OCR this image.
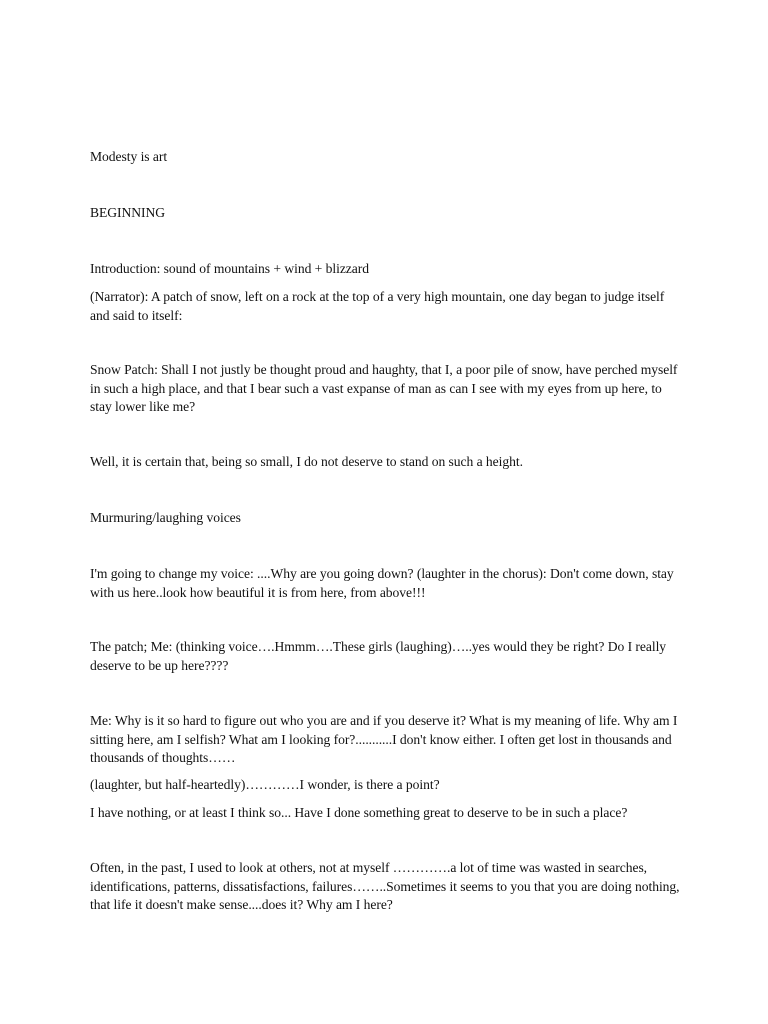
Modesty is art

BEGINNING

Introduction: sound of mountains + wind + blizzard

(Narrator): A patch of snow, left on a rock at the top of a very high mountain, one day began to judge itself and said to itself:

Snow Patch: Shall I not justly be thought proud and haughty, that I, a poor pile of snow, have perched myself in such a high place, and that I bear such a vast expanse of man as can I see with my eyes from up here, to stay lower like me?

Well, it is certain that, being so small, I do not deserve to stand on such a height.

Murmuring/laughing voices

I'm going to change my voice: ....Why are you going down? (laughter in the chorus): Don't come down, stay with us here..look how beautiful it is from here, from above!!!

The patch; Me: (thinking voice….Hmmm….These girls (laughing)…..yes would they be right? Do I really deserve to be up here????

Me: Why is it so hard to figure out who you are and if you deserve it? What is my meaning of life. Why am I sitting here, am I selfish? What am I looking for?...........I don't know either. I often get lost in thousands and thousands of thoughts……

(laughter, but half-heartedly)…………I wonder, is there a point?

I have nothing, or at least I think so... Have I done something great to deserve to be in such a place?

Often, in the past, I used to look at others, not at myself ………….a lot of time was wasted in searches, identifications, patterns, dissatisfactions, failures……..Sometimes it seems to you that you are doing nothing, that life it doesn't make sense....does it? Why am I here?
